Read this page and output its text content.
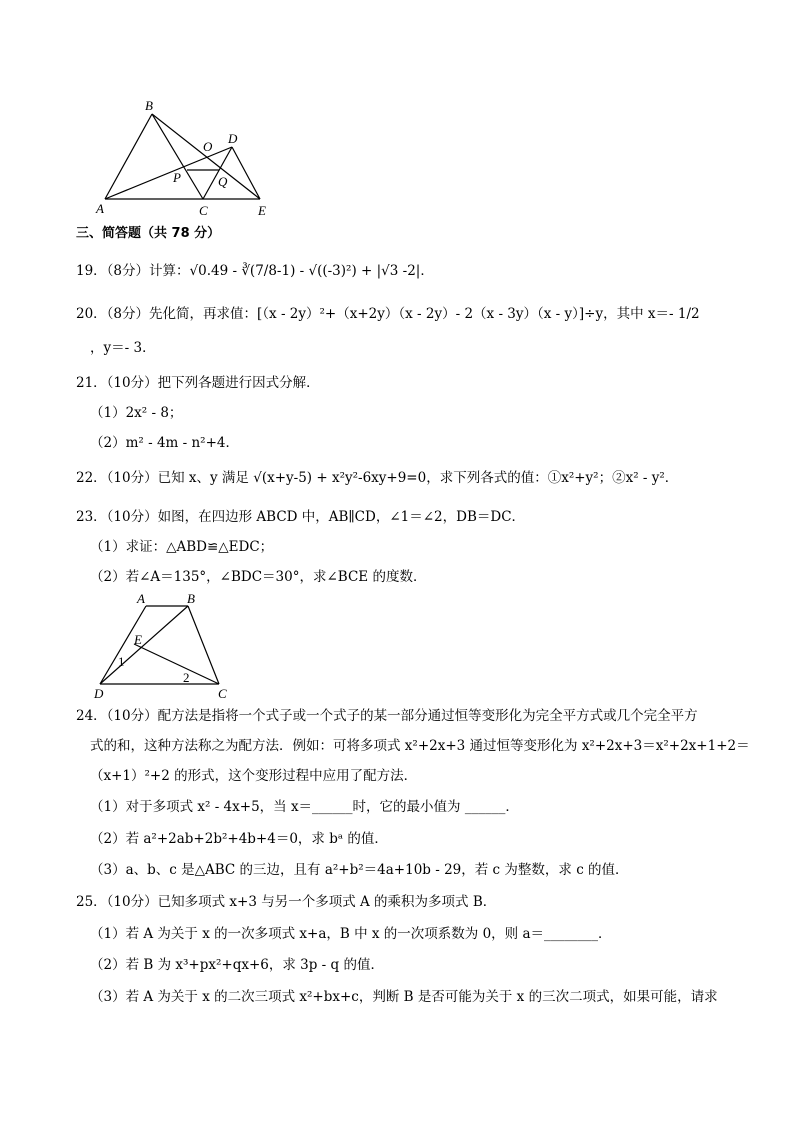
B
D
O
P	Q
A	C	E
三、简答题（共 78 分）
19．（8分）计算：√0.49 - ∛(7/8-1) - √((-3)²) + |√3 -2|．
20．（8分）先化简，再求值：[（x - 2y）²+（x+2y）（x - 2y）- 2（x - 3y）（x - y）]÷y，其中 x＝- 1/2
，y＝- 3．
21．（10分）把下列各题进行因式分解．
（1）2x² - 8；
（2）m² - 4m - n²+4．
22．（10分）已知 x、y 满足 √(x+y-5) + x²y²-6xy+9=0，求下列各式的值：①x²+y²；②x² - y²．
23．（10分）如图，在四边形 ABCD 中，AB∥CD，∠1＝∠2，DB＝DC．
（1）求证：△ABD≌△EDC；
（2）若∠A＝135°，∠BDC＝30°，求∠BCE 的度数．
A	B
E
1
2
D	C
24．（10分）配方法是指将一个式子或一个式子的某一部分通过恒等变形化为完全平方式或几个完全平方
式的和，这种方法称之为配方法．例如：可将多项式 x²+2x+3 通过恒等变形化为 x²+2x+3＝x²+2x+1+2＝
（x+1）²+2 的形式，这个变形过程中应用了配方法．
（1）对于多项式 x² - 4x+5，当 x＝______时，它的最小值为 ______．
（2）若 a²+2ab+2b²+4b+4＝0，求 bᵃ 的值．
（3）a、b、c 是△ABC 的三边，且有 a²+b²＝4a+10b - 29，若 c 为整数，求 c 的值．
25．（10分）已知多项式 x+3 与另一个多项式 A 的乘积为多项式 B．
（1）若 A 为关于 x 的一次多项式 x+a，B 中 x 的一次项系数为 0，则 a＝________．
（2）若 B 为 x³+px²+qx+6，求 3p - q 的值．
（3）若 A 为关于 x 的二次三项式 x²+bx+c，判断 B 是否可能为关于 x 的三次二项式，如果可能，请求
